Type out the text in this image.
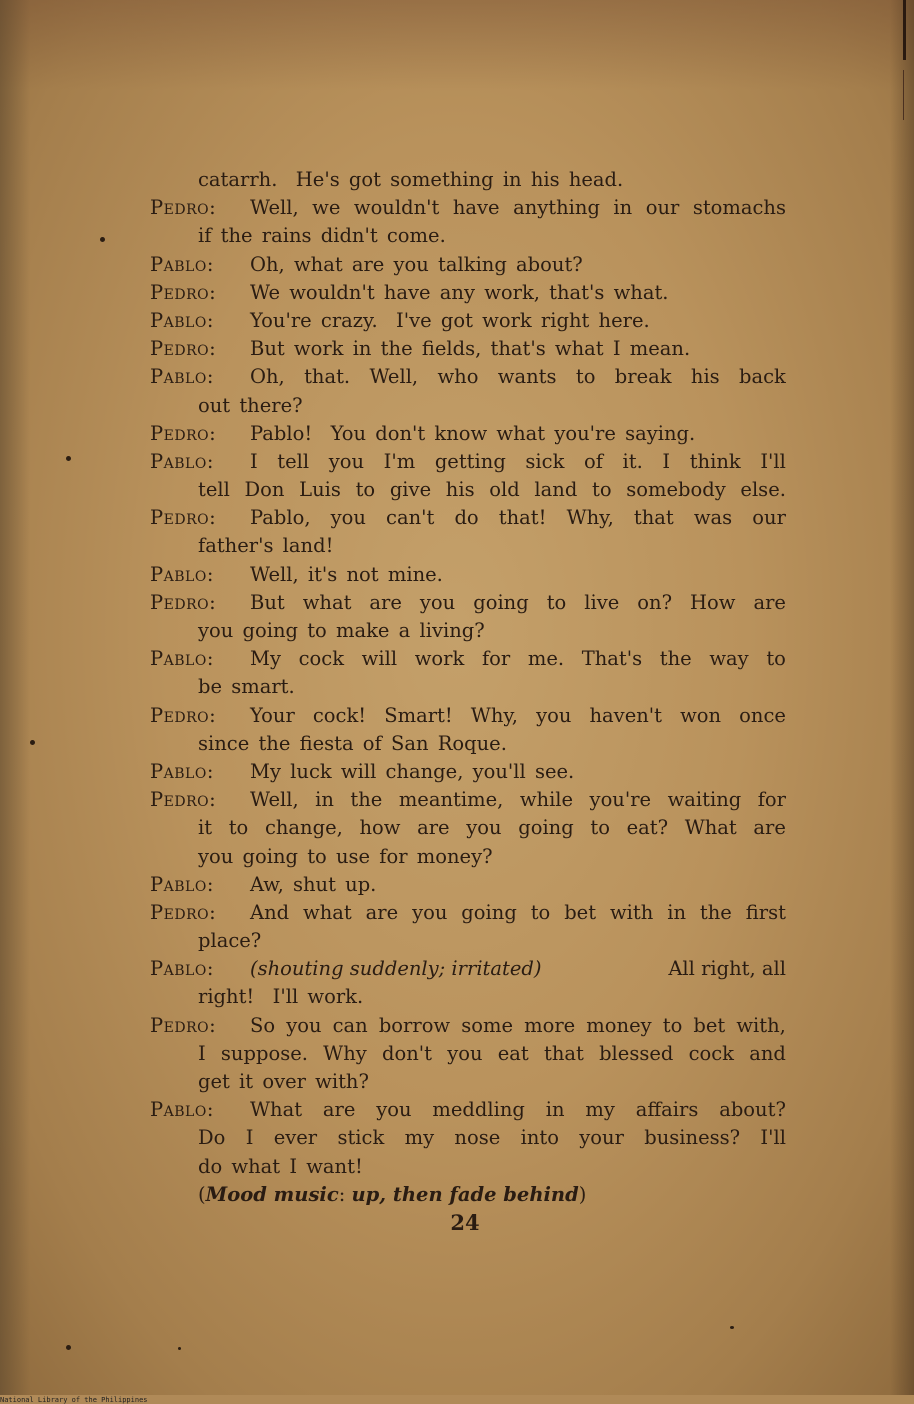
catarrh.  He's got something in his head.
PEDRO:	Well, we wouldn't have anything in our stomachs
if the rains didn't come.
PABLO:	Oh, what are you talking about?
PEDRO:	We wouldn't have any work, that's what.
PABLO:	You're crazy.  I've got work right here.
PEDRO:	But work in the fields, that's what I mean.
PABLO:	Oh, that. Well, who wants to break his back
out there?
PEDRO:	Pablo!  You don't know what you're saying.
PABLO:	I tell you I'm getting sick of it. I think I'll
tell Don Luis to give his old land to somebody else.
PEDRO:	Pablo, you can't do that! Why, that was our
father's land!
PABLO:	Well, it's not mine.
PEDRO:	But what are you going to live on? How are
you going to make a living?
PABLO:	My cock will work for me. That's the way to
be smart.
PEDRO:	Your cock! Smart! Why, you haven't won once
since the fiesta of San Roque.
PABLO:	My luck will change, you'll see.
PEDRO:	Well, in the meantime, while you're waiting for
it to change, how are you going to eat? What are
you going to use for money?
PABLO:	Aw, shut up.
PEDRO:	And what are you going to bet with in the first
place?
PABLO:	(shouting suddenly; irritated)	All right, all
right!  I'll work.
PEDRO:	So you can borrow some more money to bet with,
I suppose. Why don't you eat that blessed cock and
get it over with?
PABLO:	What are you meddling in my affairs about?
Do I ever stick my nose into your business? I'll
do what I want!
( Mood music : up, then fade behind )
24
National Library of the Philippines
